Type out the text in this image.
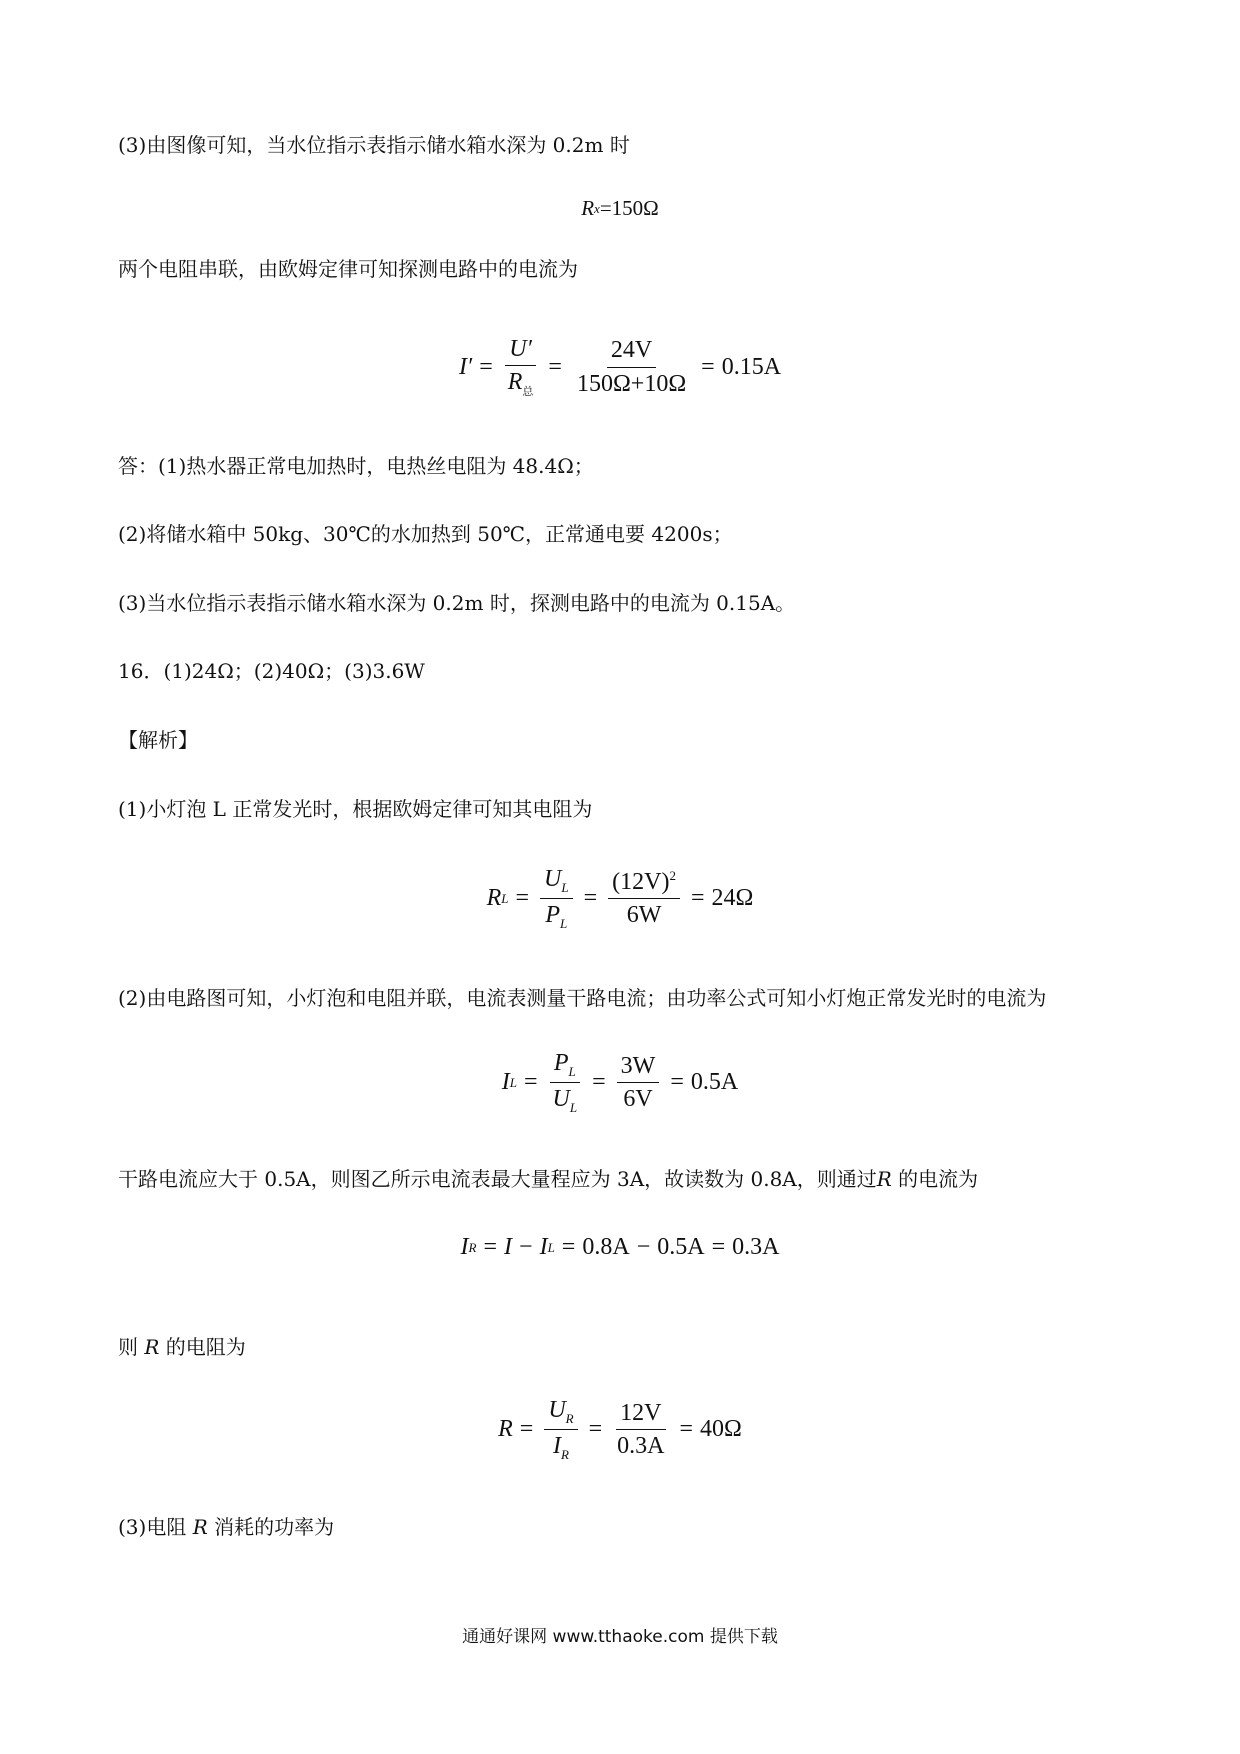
(3)由图像可知，当水位指示表指示储水箱水深为 0.2m 时
R x =150Ω
两个电阻串联，由欧姆定律可知探测电路中的电流为
$I' = \frac{U'}{R_总} = \frac{24V}{150\Omega+10\Omega} = 0.15A$
答：(1)热水器正常电加热时，电热丝电阻为 48.4Ω；
(2)将储水箱中 50kg、30℃的水加热到 50℃，正常通电要 4200s；
(3)当水位指示表指示储水箱水深为 0.2m 时，探测电路中的电流为 0.15A。
16．(1)24Ω；(2)40Ω；(3)3.6W
【解析】
(1)小灯泡 L 正常发光时，根据欧姆定律可知其电阻为
R $L = \frac{U_L}{P_L} = \frac{(12V)^2}{6W} = 24\Omega$
(2)由电路图可知，小灯泡和电阻并联，电流表测量干路电流；由功率公式可知小灯炮正常发光时的电流为
I $L = \frac{P_L}{U_L} = \frac{3W}{6V} = 0.5A$
干路电流应大于 0.5A，则图乙所示电流表最大量程应为 3A，故读数为 0.8A，则通过R 的电流为
I R = I − I L = 0.8A − 0.5A = 0.3A
则 R 的电阻为
$R = \frac{U_R}{I_R} = \frac{12V}{0.3A} = 40\Omega$
(3)电阻 R 消耗的功率为
通通好课网 www.tthaoke.com 提供下载
